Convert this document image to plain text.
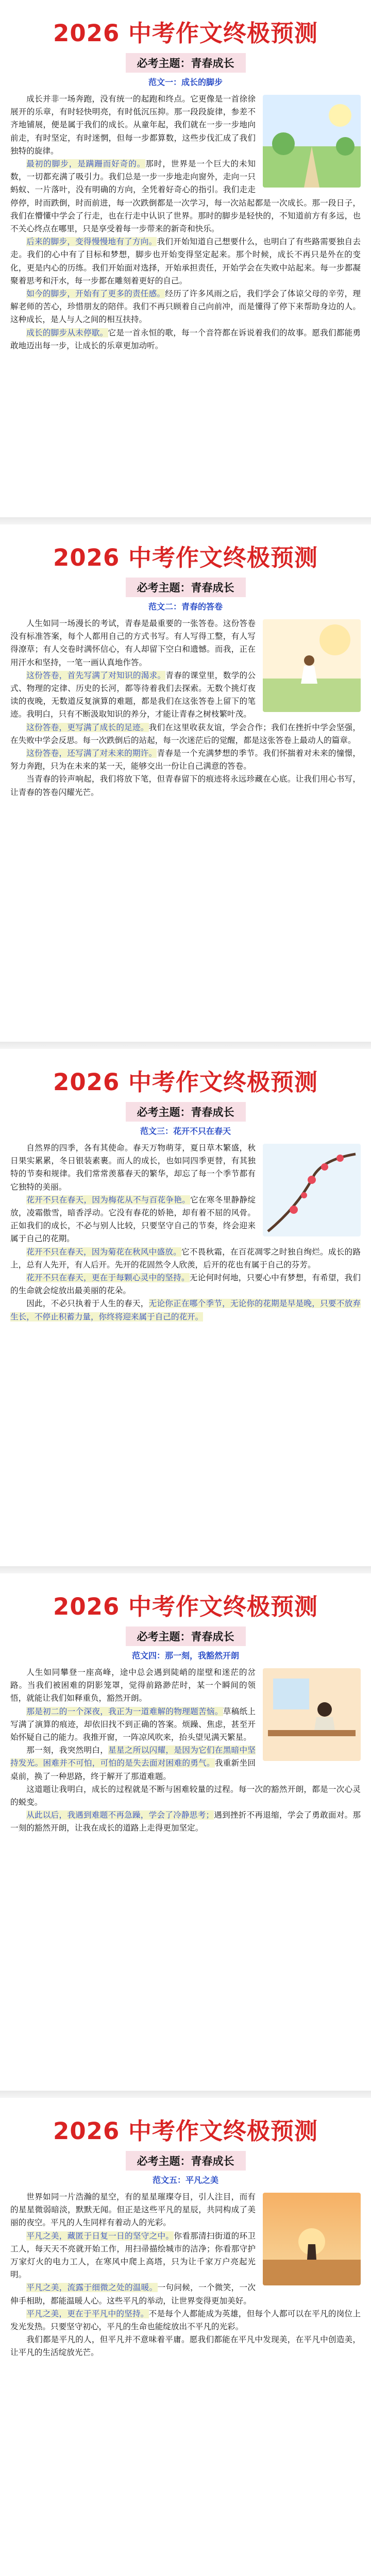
2026 中考作文终极预测
必考主题：青春成长
范文一：成长的脚步

成长并非一场奔跑，没有统一的起跑和终点。它更像是一首徐徐展开的乐章，有时轻快明亮，有时低沉压抑。那一段段旋律，参差不齐地铺展，便是属于我们的成长。从童年起，我们就在一步一步地向前走，有时坚定，有时迷惘，但每一步都算数，这些步伐汇成了我们独特的旋律。

最初的脚步，是蹒跚而好奇的。那时，世界是一个巨大的未知数，一切都充满了吸引力。我们总是一步一步地走向窗外，走向一只蚂蚁、一片落叶，没有明确的方向，全凭着好奇心的指引。我们走走停停，时而跌倒，时而前进，每一次跌倒都是一次学习，每一次站起都是一次成长。那一段日子，我们在懵懂中学会了行走，也在行走中认识了世界。那时的脚步是轻快的，不知道前方有多远，也不关心终点在哪里，只是享受着每一步带来的新奇和快乐。

后来的脚步，变得慢慢地有了方向。我们开始知道自己想要什么，也明白了有些路需要独自去走。我们的心中有了目标和梦想，脚步也开始变得坚定起来。那个时候，成长不再只是外在的变化，更是内心的历练。我们开始面对选择，开始承担责任，开始学会在失败中站起来。每一步都凝聚着思考和汗水，每一步都在雕刻着更好的自己。

如今的脚步，开始有了更多的责任感。经历了许多风雨之后，我们学会了体谅父母的辛劳，理解老师的苦心，珍惜朋友的陪伴。我们不再只顾着自己向前冲，而是懂得了停下来帮助身边的人。这种成长，是人与人之间的相互扶持。

成长的脚步从未停歇。它是一首永恒的歌，每一个音符都在诉说着我们的故事。愿我们都能勇敢地迈出每一步，让成长的乐章更加动听。

2026 中考作文终极预测
必考主题：青春成长
范文二：青春的答卷

人生如同一场漫长的考试，青春是最重要的一张答卷。这份答卷没有标准答案，每个人都用自己的方式书写。有人写得工整，有人写得潦草；有人交卷时满怀信心，有人却留下空白和遗憾。而我，正在用汗水和坚持，一笔一画认真地作答。

这份答卷，首先写满了对知识的渴求。青春的课堂里，数学的公式、物理的定律、历史的长河，都等待着我们去探索。无数个挑灯夜读的夜晚，无数道反复演算的难题，都是我们在这张答卷上留下的笔迹。我明白，只有不断汲取知识的养分，才能让青春之树枝繁叶茂。

这份答卷，更写满了成长的足迹。我们在这里收获友谊，学会合作；我们在挫折中学会坚强，在失败中学会反思。每一次跌倒后的站起，每一次迷茫后的觉醒，都是这张答卷上最动人的篇章。

这份答卷，还写满了对未来的期许。青春是一个充满梦想的季节。我们怀揣着对未来的憧憬，努力奔跑，只为在未来的某一天，能够交出一份让自己满意的答卷。

当青春的铃声响起，我们将放下笔，但青春留下的痕迹将永远珍藏在心底。让我们用心书写，让青春的答卷闪耀光芒。

2026 中考作文终极预测
必考主题：青春成长
范文三：花开不只在春天

自然界的四季，各有其使命。春天万物萌芽，夏日草木繁盛，秋日果实累累，冬日银装素裹。而人的成长，也如同四季更替，有其独特的节奏和规律。我们常常羡慕春天的繁华，却忘了每一个季节都有它独特的美丽。

花开不只在春天，因为梅花从不与百花争艳。它在寒冬里静静绽放，凌霜傲雪，暗香浮动。它没有春花的娇艳，却有着不屈的风骨。正如我们的成长，不必与别人比较，只要坚守自己的节奏，终会迎来属于自己的花期。

花开不只在春天，因为菊花在秋风中盛放。它不畏秋霜，在百花凋零之时独自绚烂。成长的路上，总有人先开，有人后开。先开的花固然令人欣羡，后开的花也有属于自己的芬芳。

花开不只在春天，更在于每颗心灵中的坚持。无论何时何地，只要心中有梦想，有希望，我们的生命就会绽放出最美丽的花朵。

因此，不必只执着于人生的春天，无论你正在哪个季节，无论你的花期是早是晚，只要不放弃生长，不停止积蓄力量，你终将迎来属于自己的花开。

2026 中考作文终极预测
必考主题：青春成长
范文四：那一刻，我豁然开朗

人生如同攀登一座高峰，途中总会遇到陡峭的崖壁和迷茫的岔路。当我们被困难的阴影笼罩，觉得前路渺茫时，某一个瞬间的领悟，就能让我们如释重负，豁然开朗。

那是初二的一个深夜，我正为一道难解的物理题苦恼。草稿纸上写满了演算的痕迹，却依旧找不到正确的答案。烦躁、焦虑，甚至开始怀疑自己的能力。我推开窗，一阵凉风吹来，抬头望见满天繁星。

那一刻，我突然明白，星星之所以闪耀，是因为它们在黑暗中坚持发光。困难并不可怕，可怕的是失去面对困难的勇气。我重新坐回桌前，换了一种思路，终于解开了那道难题。

这道题让我明白，成长的过程就是不断与困难较量的过程。每一次的豁然开朗，都是一次心灵的蜕变。

从此以后，我遇到难题不再急躁，学会了冷静思考；遇到挫折不再退缩，学会了勇敢面对。那一刻的豁然开朗，让我在成长的道路上走得更加坚定。

2026 中考作文终极预测
必考主题：青春成长
范文五：平凡之美

世界如同一片浩瀚的星空，有的星星璀璨夺目，引人注目，而有的星星微弱暗淡，默默无闻。但正是这些平凡的星辰，共同构成了美丽的夜空。平凡的人生同样有着动人的光彩。

平凡之美，藏匿于日复一日的坚守之中。你看那清扫街道的环卫工人，每天天不亮就开始工作，用扫帚描绘城市的洁净；你看那守护万家灯火的电力工人，在寒风中爬上高塔，只为让千家万户亮起光明。

平凡之美，流露于细微之处的温暖。一句问候，一个微笑，一次伸手相助，都能温暖人心。这些平凡的举动，让世界变得更加美好。

平凡之美，更在于平凡中的坚持。不是每个人都能成为英雄，但每个人都可以在平凡的岗位上发光发热。只要坚守初心，平凡的生命也能绽放出不平凡的光彩。

我们都是平凡的人，但平凡并不意味着平庸。愿我们都能在平凡中发现美，在平凡中创造美，让平凡的生活绽放光芒。
